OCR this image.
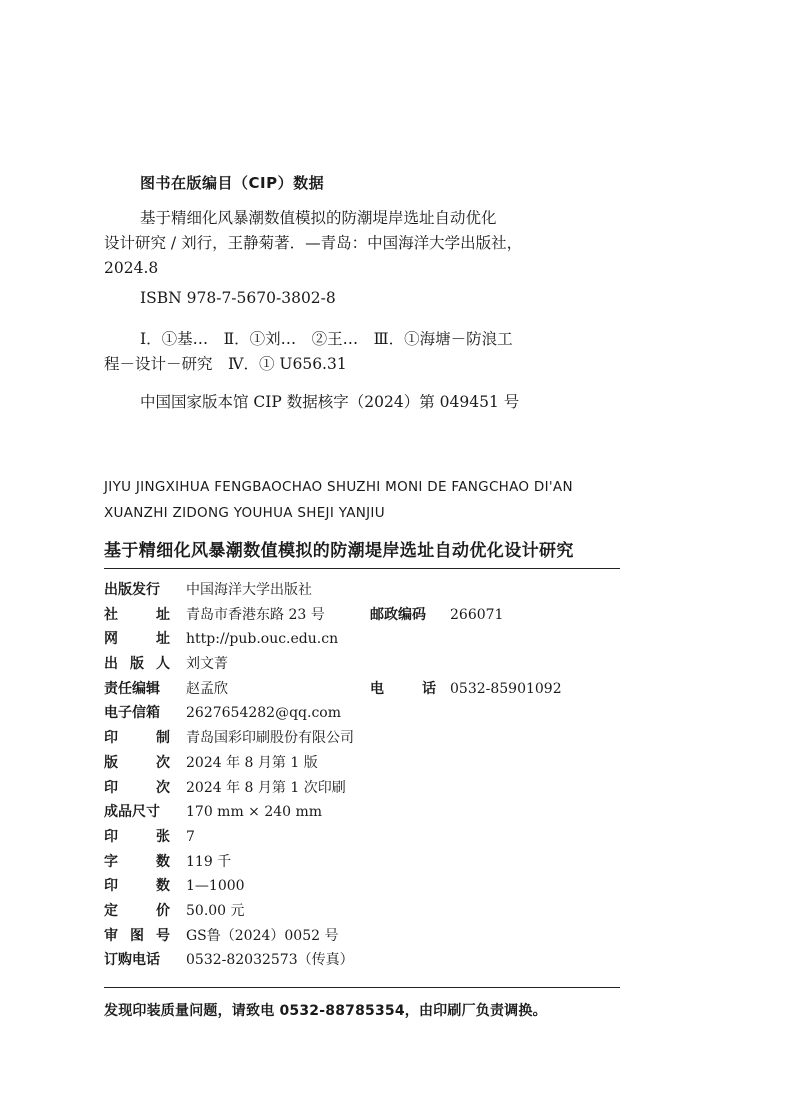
图书在版编目（CIP）数据
基于精细化风暴潮数值模拟的防潮堤岸选址自动优化
设计研究 / 刘行，王静菊著．—青岛：中国海洋大学出版社，
2024.8
ISBN 978-7-5670-3802-8
Ⅰ．①基…　Ⅱ．①刘…　②王…　Ⅲ．①海塘－防浪工
程－设计－研究　Ⅳ．① U656.31
中国国家版本馆 CIP 数据核字（2024）第 049451 号
JIYU JINGXIHUA FENGBAOCHAO SHUZHI MONI DE FANGCHAO DI'AN
XUANZHI ZIDONG YOUHUA SHEJI YANJIU
基于精细化风暴潮数值模拟的防潮堤岸选址自动优化设计研究
出版发行	中国海洋大学出版社
社	址 青岛市香港东路 23 号	邮政编码	266071
网	址 http://pub.ouc.edu.cn
出 版 人 刘文菁
责任编辑	赵孟欣	电	话 0532-85901092
电子信箱	2627654282@qq.com
印	制 青岛国彩印刷股份有限公司
版	次 2024 年 8 月第 1 版
印	次 2024 年 8 月第 1 次印刷
成品尺寸	170 mm × 240 mm
印	张 7
字	数 119 千
印	数 1—1000
定	价 50.00 元
审 图 号 GS鲁（2024）0052 号
订购电话	0532-82032573（传真）
发现印装质量问题，请致电 0532-88785354，由印刷厂负责调换。
